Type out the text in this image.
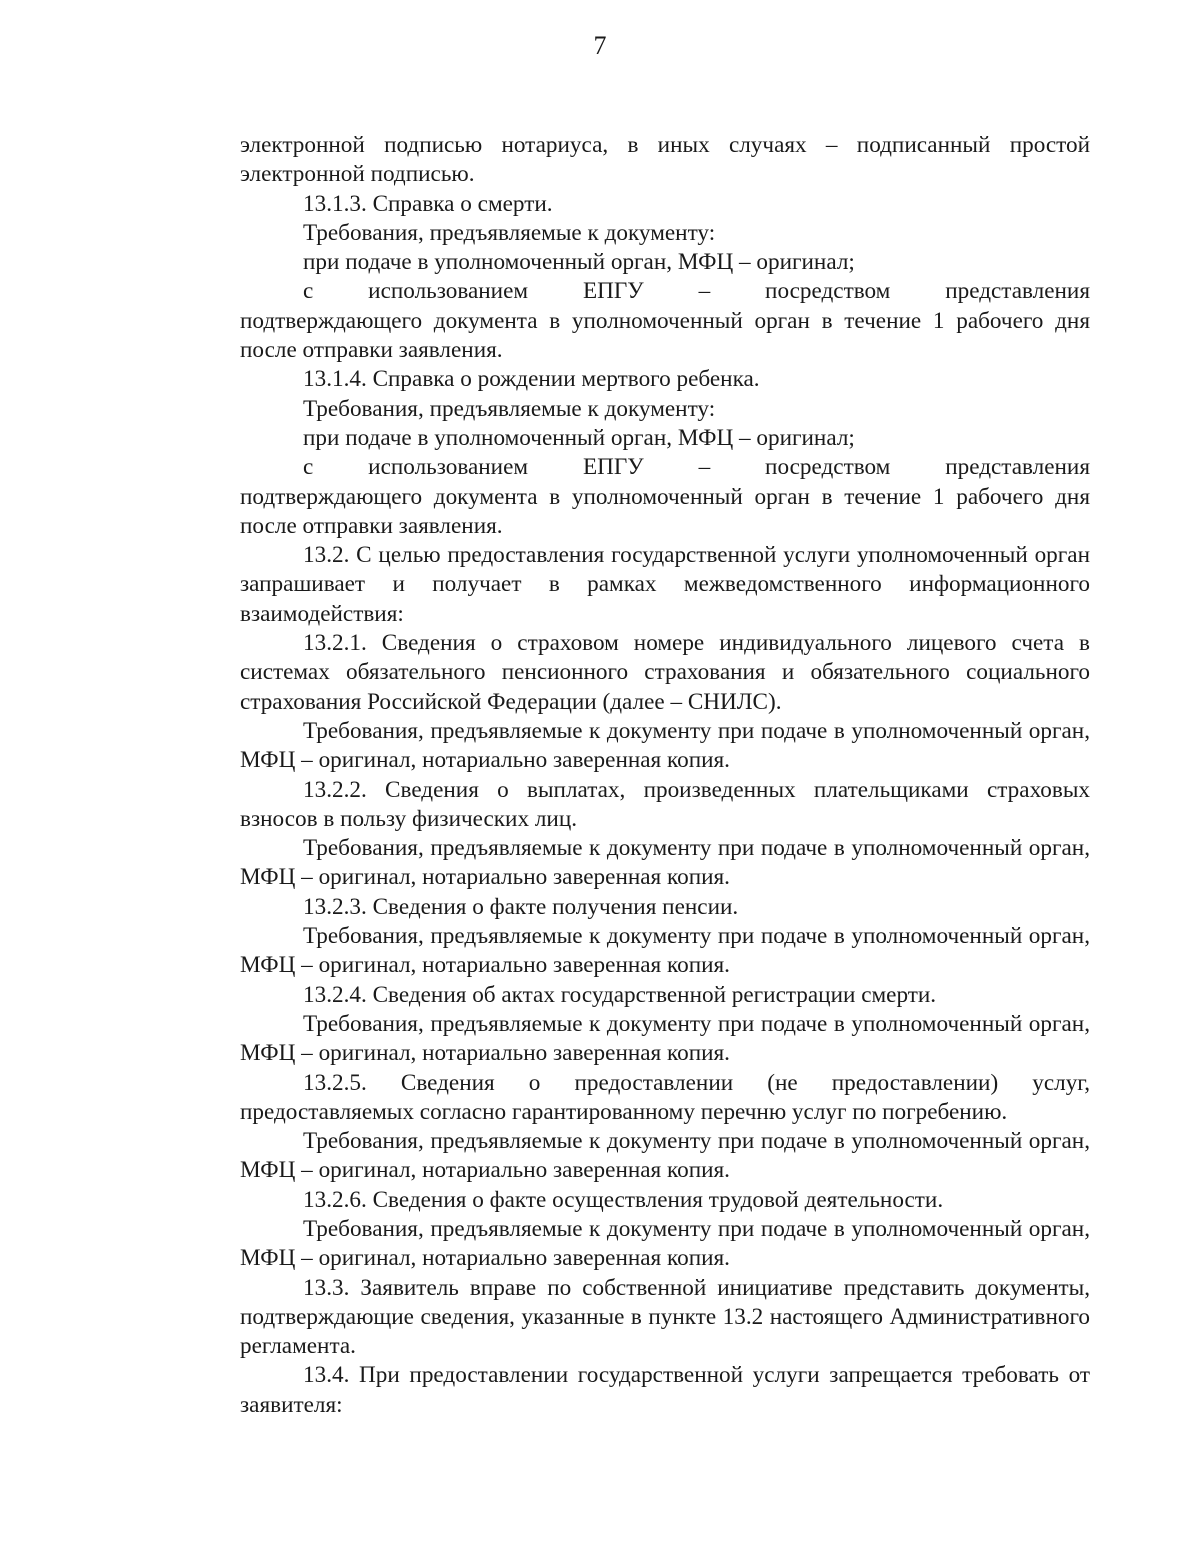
7

электронной подписью нотариуса, в иных случаях – подписанный простой электронной подписью.

13.1.3. Справка о смерти.

Требования, предъявляемые к документу:

при подаче в уполномоченный орган, МФЦ – оригинал;

с использованием ЕПГУ – посредством представления

подтверждающего документа в уполномоченный орган в течение 1 рабочего дня после отправки заявления.

13.1.4. Справка о рождении мертвого ребенка.

Требования, предъявляемые к документу:

при подаче в уполномоченный орган, МФЦ – оригинал;

с использованием ЕПГУ – посредством представления

подтверждающего документа в уполномоченный орган в течение 1 рабочего дня после отправки заявления.

13.2. С целью предоставления государственной услуги уполномоченный орган запрашивает и получает в рамках межведомственного информационного взаимодействия:

13.2.1. Сведения о страховом номере индивидуального лицевого счета в системах обязательного пенсионного страхования и обязательного социального страхования Российской Федерации (далее – СНИЛС).

Требования, предъявляемые к документу при подаче в уполномоченный орган, МФЦ – оригинал, нотариально заверенная копия.

13.2.2. Сведения о выплатах, произведенных плательщиками страховых взносов в пользу физических лиц.

Требования, предъявляемые к документу при подаче в уполномоченный орган, МФЦ – оригинал, нотариально заверенная копия.

13.2.3. Сведения о факте получения пенсии.

Требования, предъявляемые к документу при подаче в уполномоченный орган, МФЦ – оригинал, нотариально заверенная копия.

13.2.4. Сведения об актах государственной регистрации смерти.

Требования, предъявляемые к документу при подаче в уполномоченный орган, МФЦ – оригинал, нотариально заверенная копия.

13.2.5. Сведения о предоставлении (не предоставлении) услуг, предоставляемых согласно гарантированному перечню услуг по погребению.

Требования, предъявляемые к документу при подаче в уполномоченный орган, МФЦ – оригинал, нотариально заверенная копия.

13.2.6. Сведения о факте осуществления трудовой деятельности.

Требования, предъявляемые к документу при подаче в уполномоченный орган, МФЦ – оригинал, нотариально заверенная копия.

13.3. Заявитель вправе по собственной инициативе представить документы, подтверждающие сведения, указанные в пункте 13.2 настоящего Административного регламента.

13.4. При предоставлении государственной услуги запрещается требовать от заявителя:
